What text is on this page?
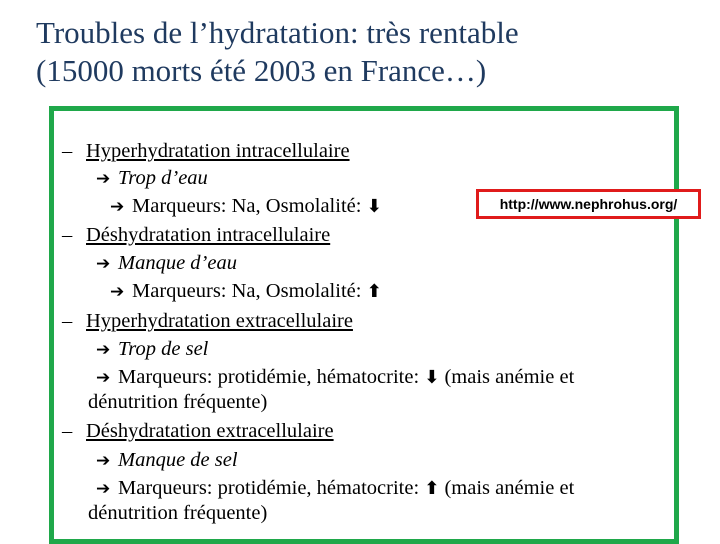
Troubles de l’hydratation: très rentable
(15000 morts été 2003 en France…)
http://www.nephrohus.org/
– Hyperhydratation intracellulaire
➔ Trop d’eau
➔ Marqueurs: Na, Osmolalité: ⬇
– Déshydratation intracellulaire
➔ Manque d’eau
➔ Marqueurs: Na, Osmolalité: ⬆
– Hyperhydratation extracellulaire
➔ Trop de sel
➔ Marqueurs: protidémie, hématocrite: ⬇ (mais anémie et
dénutrition fréquente)
– Déshydratation extracellulaire
➔ Manque de sel
➔ Marqueurs: protidémie, hématocrite: ⬆ (mais anémie et
dénutrition fréquente)
